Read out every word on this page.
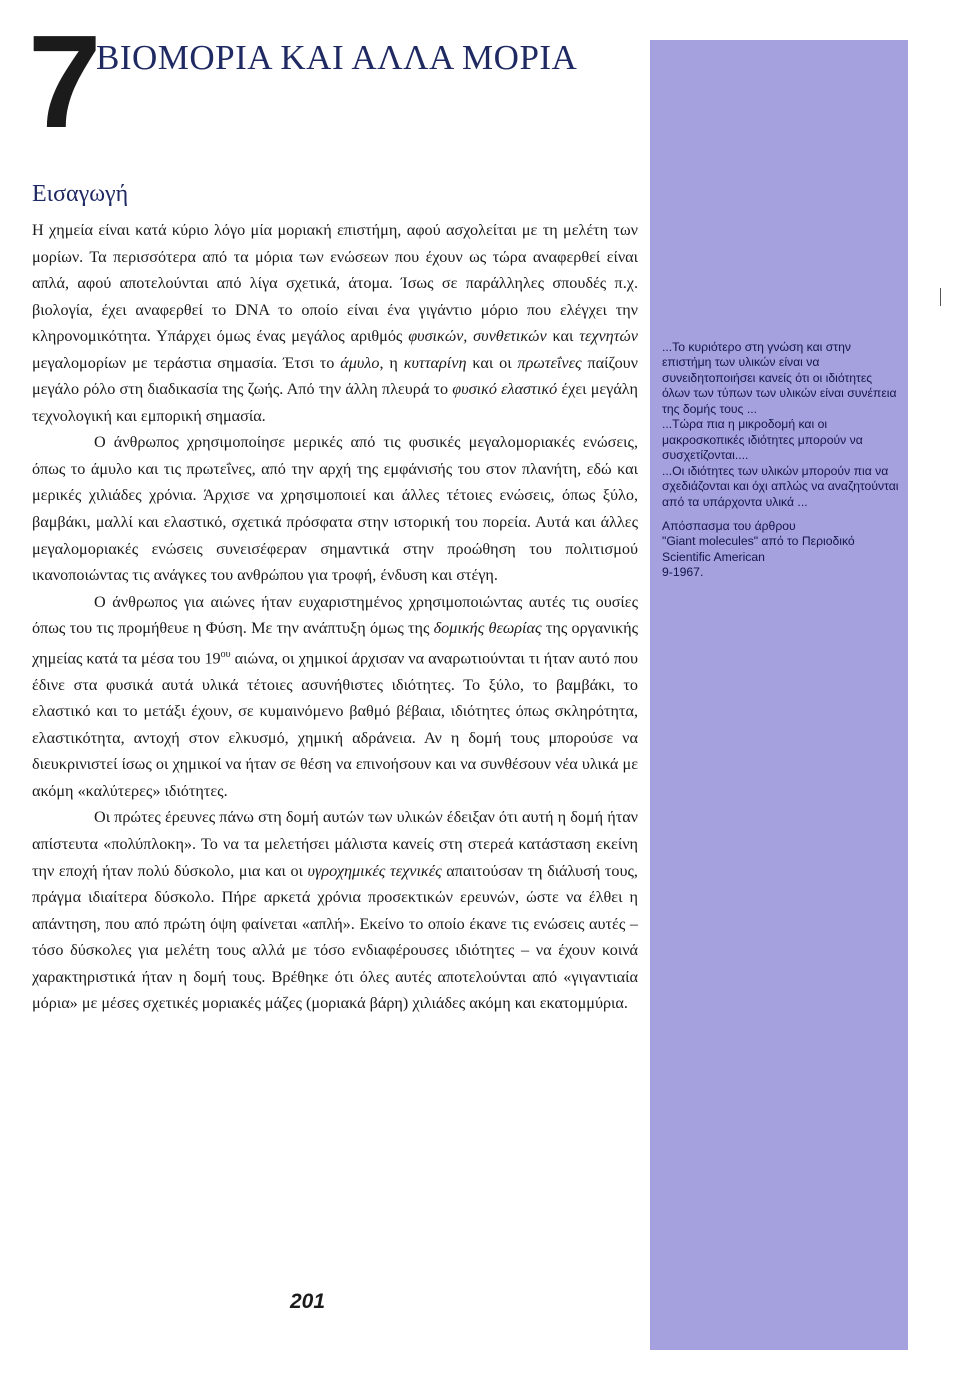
7
ΒΙΟΜΟΡΙΑ ΚΑΙ ΑΛΛΑ ΜΟΡΙΑ
Εισαγωγή

Η χημεία είναι κατά κύριο λόγο μία μοριακή επιστήμη, αφού ασχολείται με τη μελέτη των μορίων. Τα περισσότερα από τα μόρια των ενώσεων που έχουν ως τώρα αναφερθεί είναι απλά, αφού αποτελούνται από λίγα σχετικά, άτομα. Ίσως σε παράλληλες σπουδές π.χ. βιολογία, έχει αναφερθεί το DNA το οποίο είναι ένα γιγάντιο μόριο που ελέγχει την κληρονομικότητα. Υπάρχει όμως ένας μεγάλος αριθμός φυσικών, συνθετικών και τεχνητών μεγαλομορίων με τεράστια σημασία. Έτσι το άμυλο, η κυτταρίνη και οι πρωτεΐνες παίζουν μεγάλο ρόλο στη διαδικασία της ζωής. Από την άλλη πλευρά το φυσικό ελαστικό έχει μεγάλη τεχνολογική και εμπορική σημασία.

Ο άνθρωπος χρησιμοποίησε μερικές από τις φυσικές μεγαλομοριακές ενώσεις, όπως το άμυλο και τις πρωτεΐνες, από την αρχή της εμφάνισής του στον πλανήτη, εδώ και μερικές χιλιάδες χρόνια. Άρχισε να χρησιμοποιεί και άλλες τέτοιες ενώσεις, όπως ξύλο, βαμβάκι, μαλλί και ελαστικό, σχετικά πρόσφατα στην ιστορική του πορεία. Αυτά και άλλες μεγαλομοριακές ενώσεις συνεισέφεραν σημαντικά στην προώθηση του πολιτισμού ικανοποιώντας τις ανάγκες του ανθρώπου για τροφή, ένδυση και στέγη.

Ο άνθρωπος για αιώνες ήταν ευχαριστημένος χρησιμοποιώντας αυτές τις ουσίες όπως του τις προμήθευε η Φύση. Με την ανάπτυξη όμως της δομικής θεωρίας της οργανικής χημείας κατά τα μέσα του $19^{o\upsilon}$ αιώνα, οι χημικοί άρχισαν να αναρωτιούνται τι ήταν αυτό που έδινε στα φυσικά αυτά υλικά τέτοιες ασυνήθιστες ιδιότητες. Το ξύλο, το βαμβάκι, το ελαστικό και το μετάξι έχουν, σε κυμαινόμενο βαθμό βέβαια, ιδιότητες όπως σκληρότητα, ελαστικότητα, αντοχή στον ελκυσμό, χημική αδράνεια. Αν η δομή τους μπορούσε να διευκρινιστεί ίσως οι χημικοί να ήταν σε θέση να επινοήσουν και να συνθέσουν νέα υλικά με ακόμη «καλύτερες» ιδιότητες.

Οι πρώτες έρευνες πάνω στη δομή αυτών των υλικών έδειξαν ότι αυτή η δομή ήταν απίστευτα «πολύπλοκη». Το να τα μελετήσει μάλιστα κανείς στη στερεά κατάσταση εκείνη την εποχή ήταν πολύ δύσκολο, μια και οι υγροχημικές τεχνικές απαιτούσαν τη διάλυσή τους, πράγμα ιδιαίτερα δύσκολο. Πήρε αρκετά χρόνια προσεκτικών ερευνών, ώστε να έλθει η απάντηση, που από πρώτη όψη φαίνεται «απλή». Εκείνο το οποίο έκανε τις ενώσεις αυτές – τόσο δύσκολες για μελέτη τους αλλά με τόσο ενδιαφέρουσες ιδιότητες – να έχουν κοινά χαρακτηριστικά ήταν η δομή τους. Βρέθηκε ότι όλες αυτές αποτελούνται από «γιγαντιαία μόρια» με μέσες σχετικές μοριακές μάζες (μοριακά βάρη) χιλιάδες ακόμη και εκατομμύρια.

...Το κυριότερο στη γνώση και στην επιστήμη των υλικών είναι να συνειδητοποιήσει κανείς ότι οι ιδιότητες όλων των τύπων των υλικών είναι συνέπεια της δομής τους ...

...Τώρα πια η μικροδομή και οι μακροσκοπικές ιδιότητες μπορούν να συσχετίζονται....

...Οι ιδιότητες των υλικών μπορούν πια να σχεδιάζονται και όχι απλώς να αναζητούνται από τα υπάρχοντα υλικά ...

Απόσπασμα του άρθρου

"Giant molecules" από το Περιοδικό

Scientific American

9-1967.

201
